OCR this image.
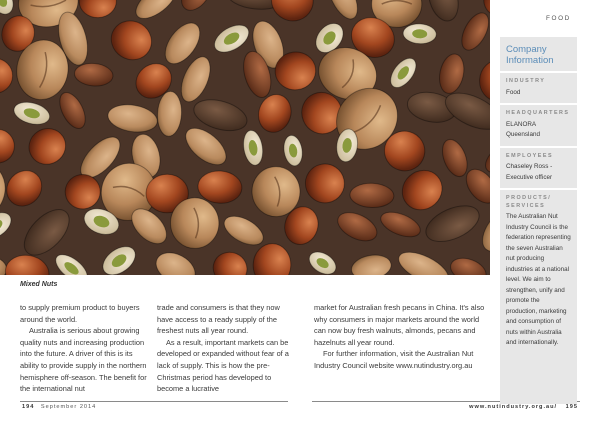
Mixed Nuts

to supply premium product to buyers around the world.

Australia is serious about growing quality nuts and increasing production into the future. A driver of this is its ability to provide supply in the northern hemisphere off-season. The benefit for the international nut

trade and consumers is that they now have access to a ready supply of the freshest nuts all year round.

As a result, important markets can be developed or expanded without fear of a lack of supply. This is how the pre-Christmas period has developed to become a lucrative

market for Australian fresh pecans in China. It's also why consumers in major markets around the world can now buy fresh walnuts, almonds, pecans and hazelnuts all year round.

For further information, visit the Australian Nut Industry Council website www.nutindustry.org.au

194 September 2014	www.nutindustry.org.au/ 195
FOOD
Company Information
INDUSTRY
Food
HEADQUARTERS
ELANORA Queensland
EMPLOYEES
Chaseley Ross - Executive officer
PRODUCTS/ SERVICES
The Australian Nut Industry Council is the federation representing the seven Australian nut producing industries at a national level. We aim to strengthen, unify and promote the production, marketing and consumption of nuts within Australia and internationally.
